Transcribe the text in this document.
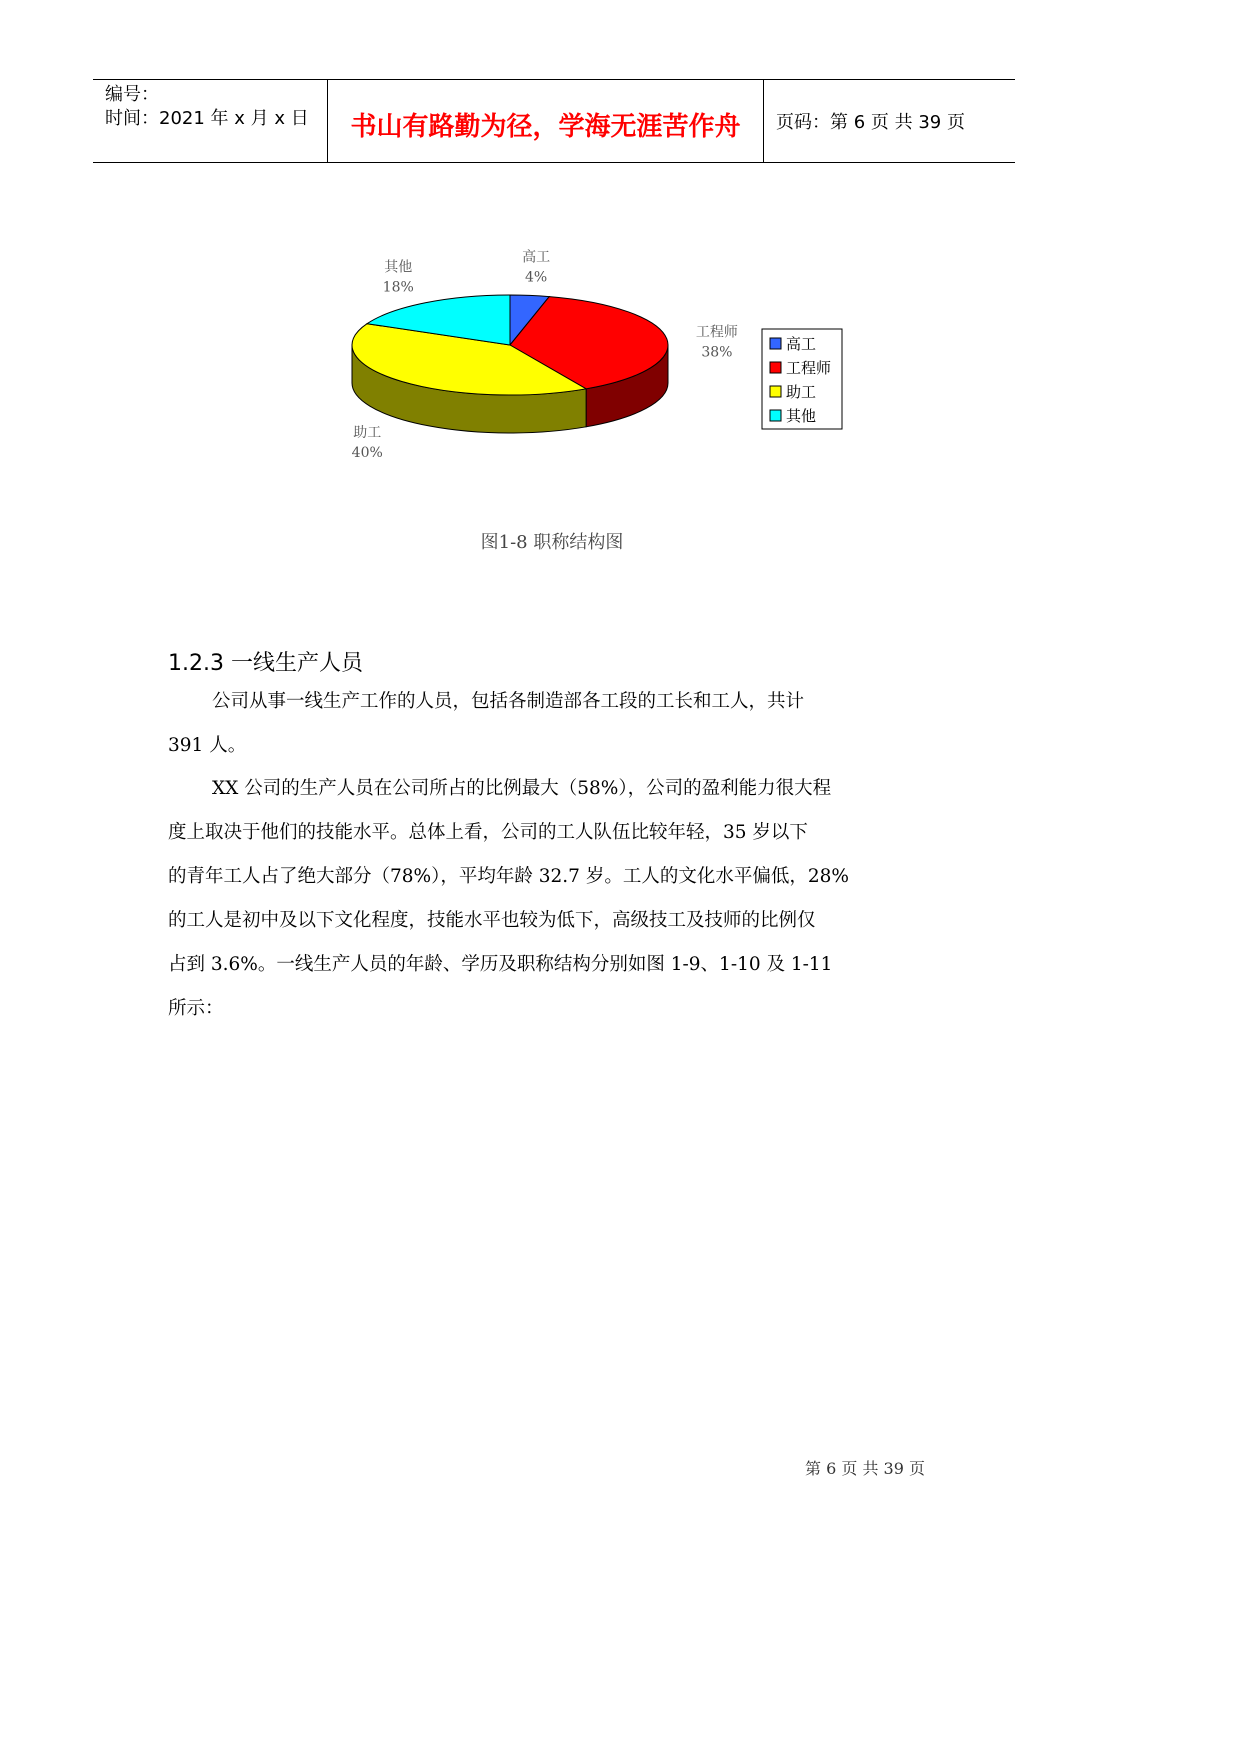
编号：
时间：2021 年 x 月 x 日	书山有路勤为径，学海无涯苦作舟	页码：第 6 页 共 39 页
高工
4%
工程师
38%
助工
40%
其他
18%
高工
工程师
助工
其他
图1-8 职称结构图
1.2.3 一线生产人员
公司从事一线生产工作的人员，包括各制造部各工段的工长和工人，共计
391 人。
XX 公司的生产人员在公司所占的比例最大（58%），公司的盈利能力很大程
度上取决于他们的技能水平。总体上看，公司的工人队伍比较年轻，35 岁以下
的青年工人占了绝大部分（78%），平均年龄 32.7 岁。工人的文化水平偏低，28%
的工人是初中及以下文化程度，技能水平也较为低下，高级技工及技师的比例仅
占到 3.6%。一线生产人员的年龄、学历及职称结构分别如图 1-9、1-10 及 1-11
所示：
第 6 页 共 39 页
